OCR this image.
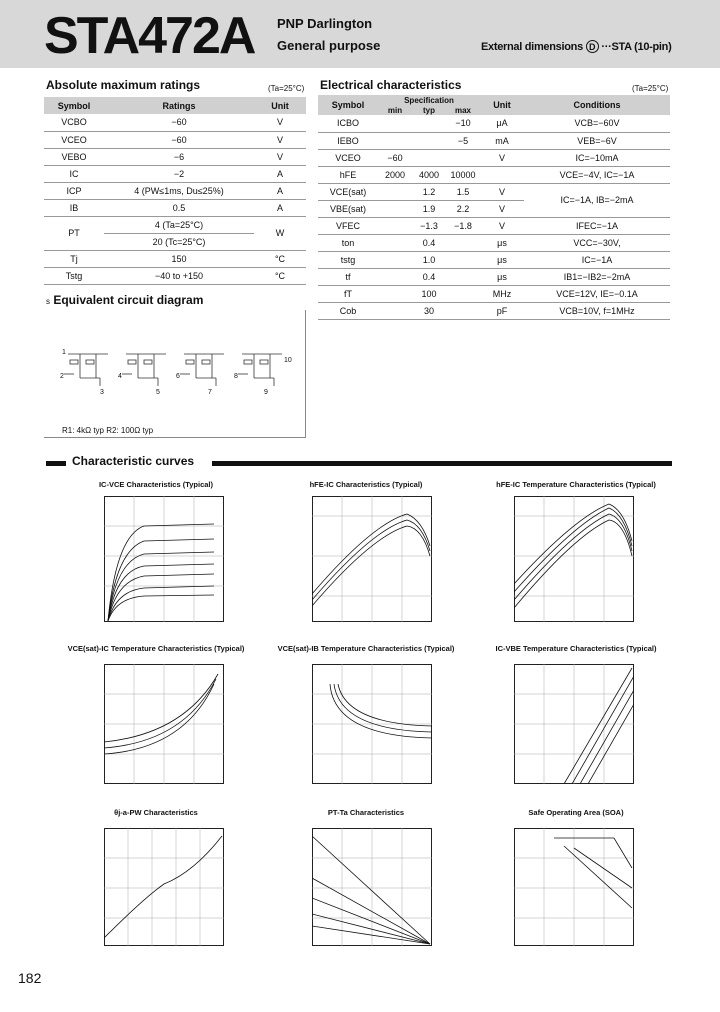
STA472A PNP Darlington
General purpose	External dimensions D ···STA (10-pin)
Absolute maximum ratings	(Ta=25°C)
Symbol	Ratings	Unit
VCBO	−60	V
VCEO	−60	V
VEBO	−6	V
IC	−2	A
ICP	4 (PW≤1ms, Du≤25%)	A
IB	0.5	A
PT	4 (Ta=25°C)	W
	20 (Tc=25°C)	
Tj	150	°C
Tstg	−40 to +150	°C
Electrical characteristics	(Ta=25°C)
Symbol	Specification			Unit	Conditions
	min	typ	max		
ICBO			−10	μA	VCB=−60V
IEBO			−5	mA	VEB=−6V
VCEO	−60			V	IC=−10mA
hFE	2000	4000	10000		VCE=−4V, IC=−1A
VCE(sat)		1.2	1.5	V	IC=−1A, IB=−2mA
VBE(sat)		1.9	2.2	V	
VFEC		−1.3	−1.8	V	IFEC=−1A
ton		0.4		μs	VCC=−30V,
tstg		1.0		μs	IC=−1A
tf		0.4		μs	IB1=−IB2=−2mA
fT		100		MHz	VCE=12V, IE=−0.1A
Cob		30		pF	VCB=10V, f=1MHz
s Equivalent circuit diagram
1
2
3
4
5
6
7
8
9
10
R1: 4kΩ typ R2: 100Ω typ
Characteristic curves
IC-VCE Characteristics (Typical)	hFE-IC Characteristics (Typical)	hFE-IC Temperature Characteristics (Typical)
VCE(sat)-IC Temperature Characteristics (Typical)	VCE(sat)-IB Temperature Characteristics (Typical)	IC-VBE Temperature Characteristics (Typical)
θj-a-PW Characteristics	PT-Ta Characteristics	Safe Operating Area (SOA)
182
